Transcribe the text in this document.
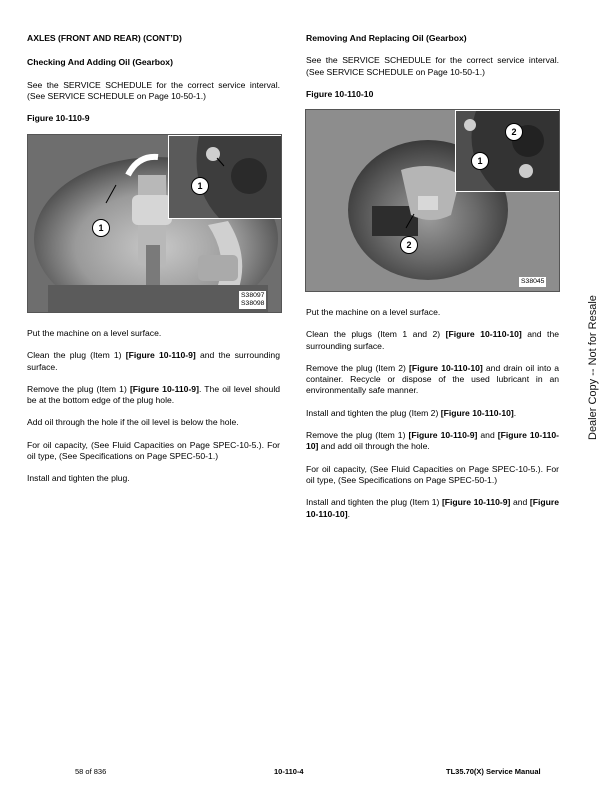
AXLES (FRONT AND REAR) (CONT’D)
Checking And Adding Oil (Gearbox)

See the SERVICE SCHEDULE for the correct service interval. (See SERVICE SCHEDULE on Page 10-50-1.)

Figure 10-110-9
1
1
S38097
S38098

Put the machine on a level surface.

Clean the plug (Item 1) [Figure 10-110-9] and the surrounding surface.

Remove the plug (Item 1) [Figure 10-110-9]. The oil level should be at the bottom edge of the plug hole.

Add oil through the hole if the oil level is below the hole.

For oil capacity, (See Fluid Capacities on Page SPEC-10-5.). For oil type, (See Specifications on Page SPEC-50-1.)

Install and tighten the plug.

Removing And Replacing Oil (Gearbox)

See the SERVICE SCHEDULE for the correct service interval. (See SERVICE SCHEDULE on Page 10-50-1.)

Figure 10-110-10
2
1
2
S38045

Put the machine on a level surface.

Clean the plugs (Item 1 and 2) [Figure 10-110-10] and the surrounding surface.

Remove the plug (Item 2) [Figure 10-110-10] and drain oil into a container. Recycle or dispose of the used lubricant in an environmentally safe manner.

Install and tighten the plug (Item 2) [Figure 10-110-10].

Remove the plug (Item 1) [Figure 10-110-9] and [Figure 10-110-10] and add oil through the hole.

For oil capacity, (See Fluid Capacities on Page SPEC-10-5.). For oil type, (See Specifications on Page SPEC-50-1.)

Install and tighten the plug (Item 1) [Figure 10-110-9] and [Figure 10-110-10].

Dealer Copy -- Not for Resale
58 of 836	10-110-4	TL35.70(X) Service Manual
